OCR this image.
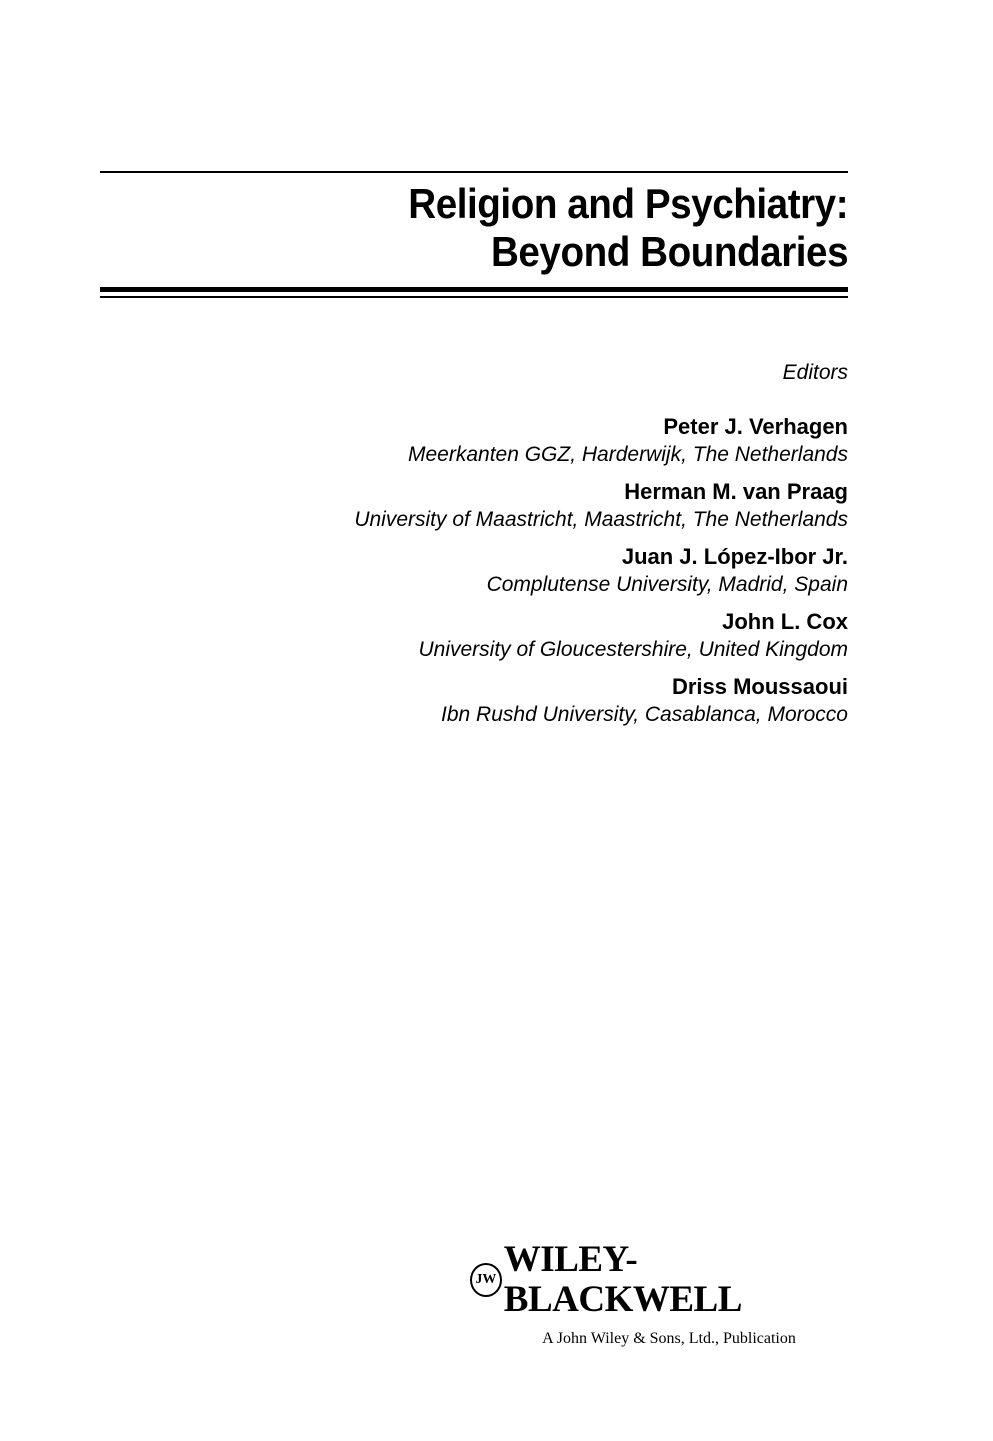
Religion and Psychiatry:
Beyond Boundaries
Editors
Peter J. Verhagen
Meerkanten GGZ, Harderwijk, The Netherlands
Herman M. van Praag
University of Maastricht, Maastricht, The Netherlands
Juan J. López-Ibor Jr.
Complutense University, Madrid, Spain
John L. Cox
University of Gloucestershire, United Kingdom
Driss Moussaoui
Ibn Rushd University, Casablanca, Morocco
JW WILEY-BLACKWELL
A John Wiley & Sons, Ltd., Publication
